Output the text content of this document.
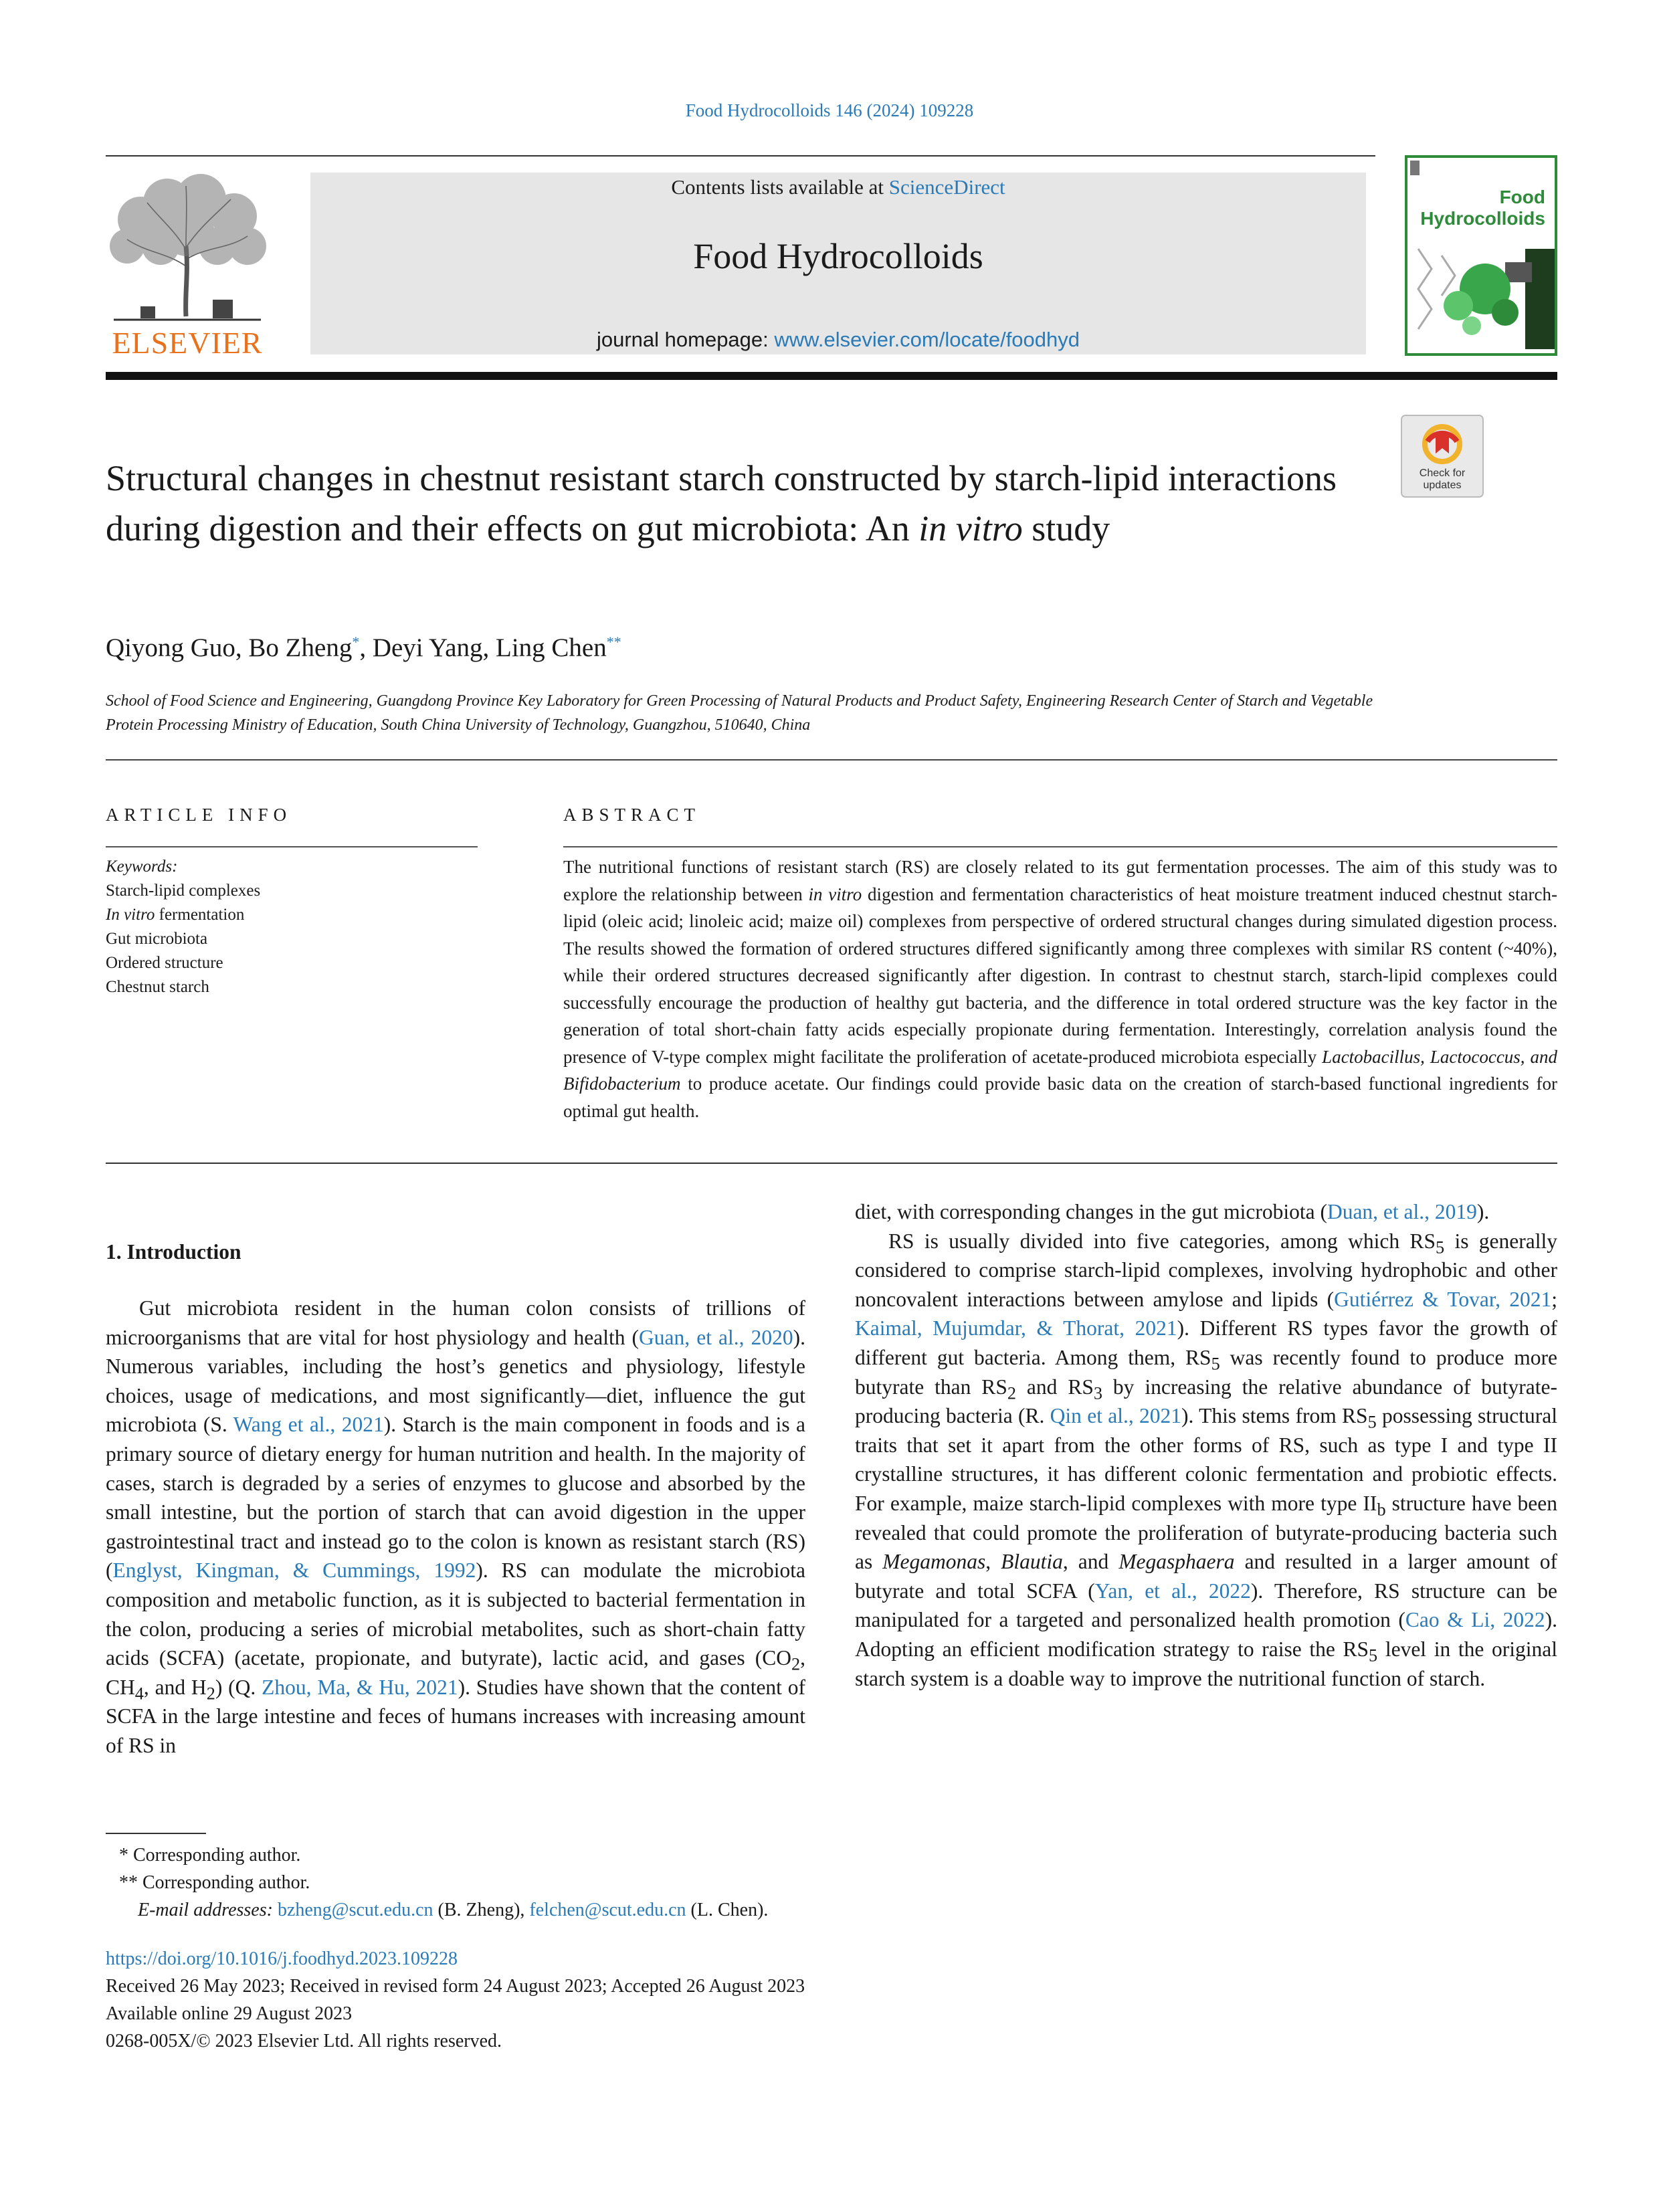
Food Hydrocolloids 146 (2024) 109228
ELSEVIER
Contents lists available at ScienceDirect
Food Hydrocolloids
journal homepage: www.elsevier.com/locate/foodhyd
Food
Hydrocolloids
Check for
updates
Structural changes in chestnut resistant starch constructed by starch-lipid interactions during digestion and their effects on gut microbiota: An in vitro study
Qiyong Guo, Bo Zheng*, Deyi Yang, Ling Chen**
School of Food Science and Engineering, Guangdong Province Key Laboratory for Green Processing of Natural Products and Product Safety, Engineering Research Center of Starch and Vegetable Protein Processing Ministry of Education, South China University of Technology, Guangzhou, 510640, China
ARTICLE INFO	ABSTRACT
Keywords:
Starch-lipid complexes
In vitro fermentation
Gut microbiota
Ordered structure
Chestnut starch
The nutritional functions of resistant starch (RS) are closely related to its gut fermentation processes. The aim of this study was to explore the relationship between in vitro digestion and fermentation characteristics of heat moisture treatment induced chestnut starch-lipid (oleic acid; linoleic acid; maize oil) complexes from perspective of ordered structural changes during simulated digestion process. The results showed the formation of ordered structures differed significantly among three complexes with similar RS content (~40%), while their ordered structures decreased significantly after digestion. In contrast to chestnut starch, starch-lipid complexes could successfully encourage the production of healthy gut bacteria, and the difference in total ordered structure was the key factor in the generation of total short-chain fatty acids especially propionate during fermentation. Interestingly, correlation analysis found the presence of V-type complex might facilitate the proliferation of acetate-produced microbiota especially Lactobacillus, Lactococcus, and Bifidobacterium to produce acetate. Our findings could provide basic data on the creation of starch-based functional ingredients for optimal gut health.
1. Introduction

Gut microbiota resident in the human colon consists of trillions of microorganisms that are vital for host physiology and health (Guan, et al., 2020). Numerous variables, including the host’s genetics and physiology, lifestyle choices, usage of medications, and most significantly—diet, influence the gut microbiota (S. Wang et al., 2021). Starch is the main component in foods and is a primary source of dietary energy for human nutrition and health. In the majority of cases, starch is degraded by a series of enzymes to glucose and absorbed by the small intestine, but the portion of starch that can avoid digestion in the upper gastrointestinal tract and instead go to the colon is known as resistant starch (RS) (Englyst, Kingman, & Cummings, 1992). RS can modulate the microbiota composition and metabolic function, as it is subjected to bacterial fermentation in the colon, producing a series of microbial metabolites, such as short-chain fatty acids (SCFA) (acetate, propionate, and butyrate), lactic acid, and gases ($CO_2$, $CH_4$, and $H_2$) (Q. Zhou, Ma, & Hu, 2021). Studies have shown that the content of SCFA in the large intestine and feces of humans increases with increasing amount of RS in

diet, with corresponding changes in the gut microbiota (Duan, et al., 2019).

RS is usually divided into five categories, among which $RS_5$ is generally considered to comprise starch-lipid complexes, involving hydrophobic and other noncovalent interactions between amylose and lipids (Gutiérrez & Tovar, 2021; Kaimal, Mujumdar, & Thorat, 2021). Different RS types favor the growth of different gut bacteria. Among them, $RS_5$ was recently found to produce more butyrate than $RS_2$ and $RS_3$ by increasing the relative abundance of butyrate-producing bacteria (R. Qin et al., 2021). This stems from $RS_5$ possessing structural traits that set it apart from the other forms of RS, such as type I and type II crystalline structures, it has different colonic fermentation and probiotic effects. For example, maize starch-lipid complexes with more type $II_b$ structure have been revealed that could promote the proliferation of butyrate-producing bacteria such as Megamonas, Blautia, and Megasphaera and resulted in a larger amount of butyrate and total SCFA (Yan, et al., 2022). Therefore, RS structure can be manipulated for a targeted and personalized health promotion (Cao & Li, 2022). Adopting an efficient modification strategy to raise the $RS_5$ level in the original starch system is a doable way to improve the nutritional function of starch.

* Corresponding author.
** Corresponding author.
E-mail addresses: bzheng@scut.edu.cn (B. Zheng), felchen@scut.edu.cn (L. Chen).
https://doi.org/10.1016/j.foodhyd.2023.109228
Received 26 May 2023; Received in revised form 24 August 2023; Accepted 26 August 2023
Available online 29 August 2023
0268-005X/© 2023 Elsevier Ltd. All rights reserved.
